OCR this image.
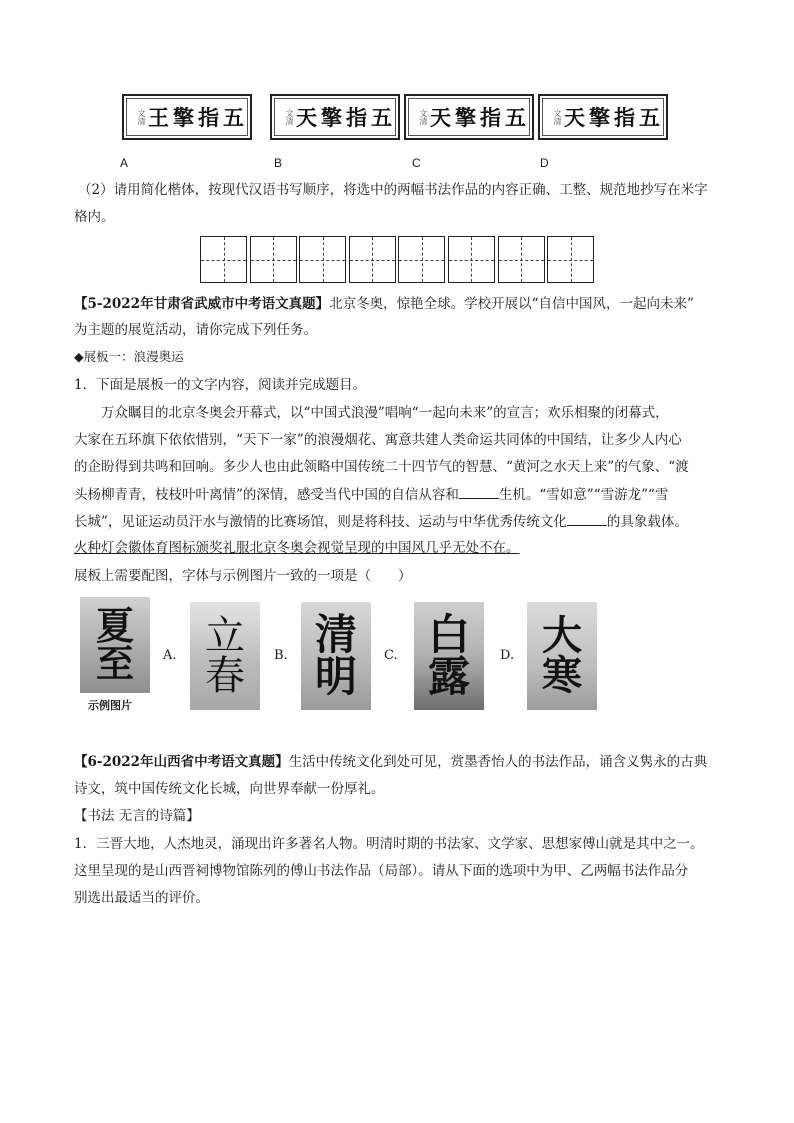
文清 王擎指五	文清 天擎指五	文清 天擎指五	文清 天擎指五
A	B	C	D
（2）请用简化楷体，按现代汉语书写顺序，将选中的两幅书法作品的内容正确、工整、规范地抄写在米字
格内。
【5-2022年甘肃省武威市中考语文真题】北京冬奥，惊艳全球。学校开展以“自信中国风，一起向未来”
为主题的展览活动，请你完成下列任务。
◆展板一：浪漫奥运
1．下面是展板一的文字内容，阅读并完成题目。
万众瞩目的北京冬奥会开幕式，以“中国式浪漫”唱响“一起向未来”的宣言；欢乐相聚的闭幕式，
大家在五环旗下依依惜别，“天下一家”的浪漫烟花、寓意共建人类命运共同体的中国结，让多少人内心
的企盼得到共鸣和回响。多少人也由此领略中国传统二十四节气的智慧、“黄河之水天上来”的气象、“渡
头杨柳青青，枝枝叶叶离情”的深情，感受当代中国的自信从容和	生机。“雪如意”“雪游龙”“雪
长城”，见证运动员汗水与激情的比赛场馆，则是将科技、运动与中华优秀传统文化	的具象载体。
火种灯会徽体育图标颁奖礼服北京冬奥会视觉呈现的中国风几乎无处不在。
展板上需要配图，字体与示例图片一致的一项是（　　）
夏
至
示例图片
A. 立
春 B. 清
明 C. 白
露 D. 大
寒
【6-2022年山西省中考语文真题】生活中传统文化到处可见，赏墨香怡人的书法作品，诵含义隽永的古典
诗文，筑中国传统文化长城，向世界奉献一份厚礼。
【书法 无言的诗篇】
1．三晋大地，人杰地灵，涌现出许多著名人物。明清时期的书法家、文学家、思想家傅山就是其中之一。
这里呈现的是山西晋祠博物馆陈列的傅山书法作品（局部）。请从下面的选项中为甲、乙两幅书法作品分
别选出最适当的评价。
